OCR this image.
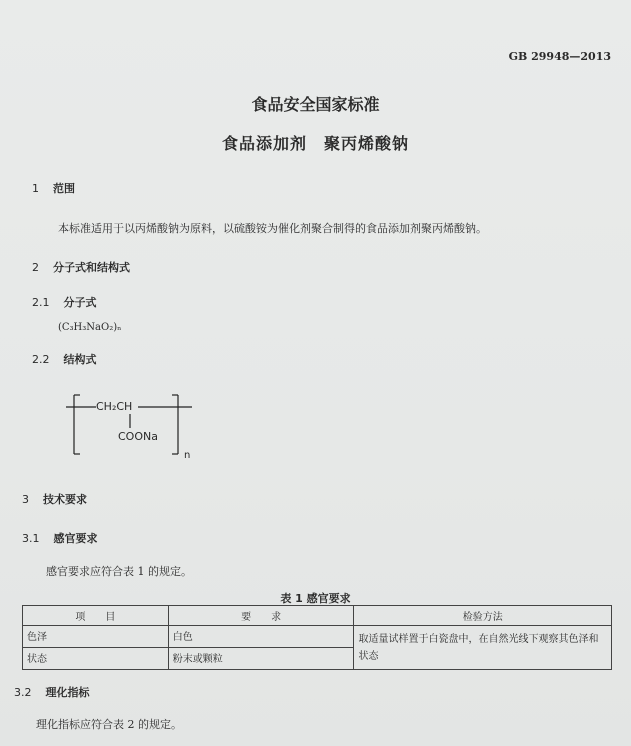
GB 29948—2013
食品安全国家标准
食品添加剂　聚丙烯酸钠
1 范围
本标准适用于以丙烯酸钠为原料，以硫酸铵为催化剂聚合制得的食品添加剂聚丙烯酸钠。
2 分子式和结构式
2.1 分子式
(C₃H₃NaO₂)ₙ
2.2 结构式
CH₂CH
COONa
n
3 技术要求
3.1 感官要求
感官要求应符合表 1 的规定。
表 1 感官要求
项　　目	要　　求	检验方法
色泽	白色	取适量试样置于白瓷盘中，在自然光线下观察其色泽和状态
状态	粉末或颗粒	
3.2 理化指标
理化指标应符合表 2 的规定。
